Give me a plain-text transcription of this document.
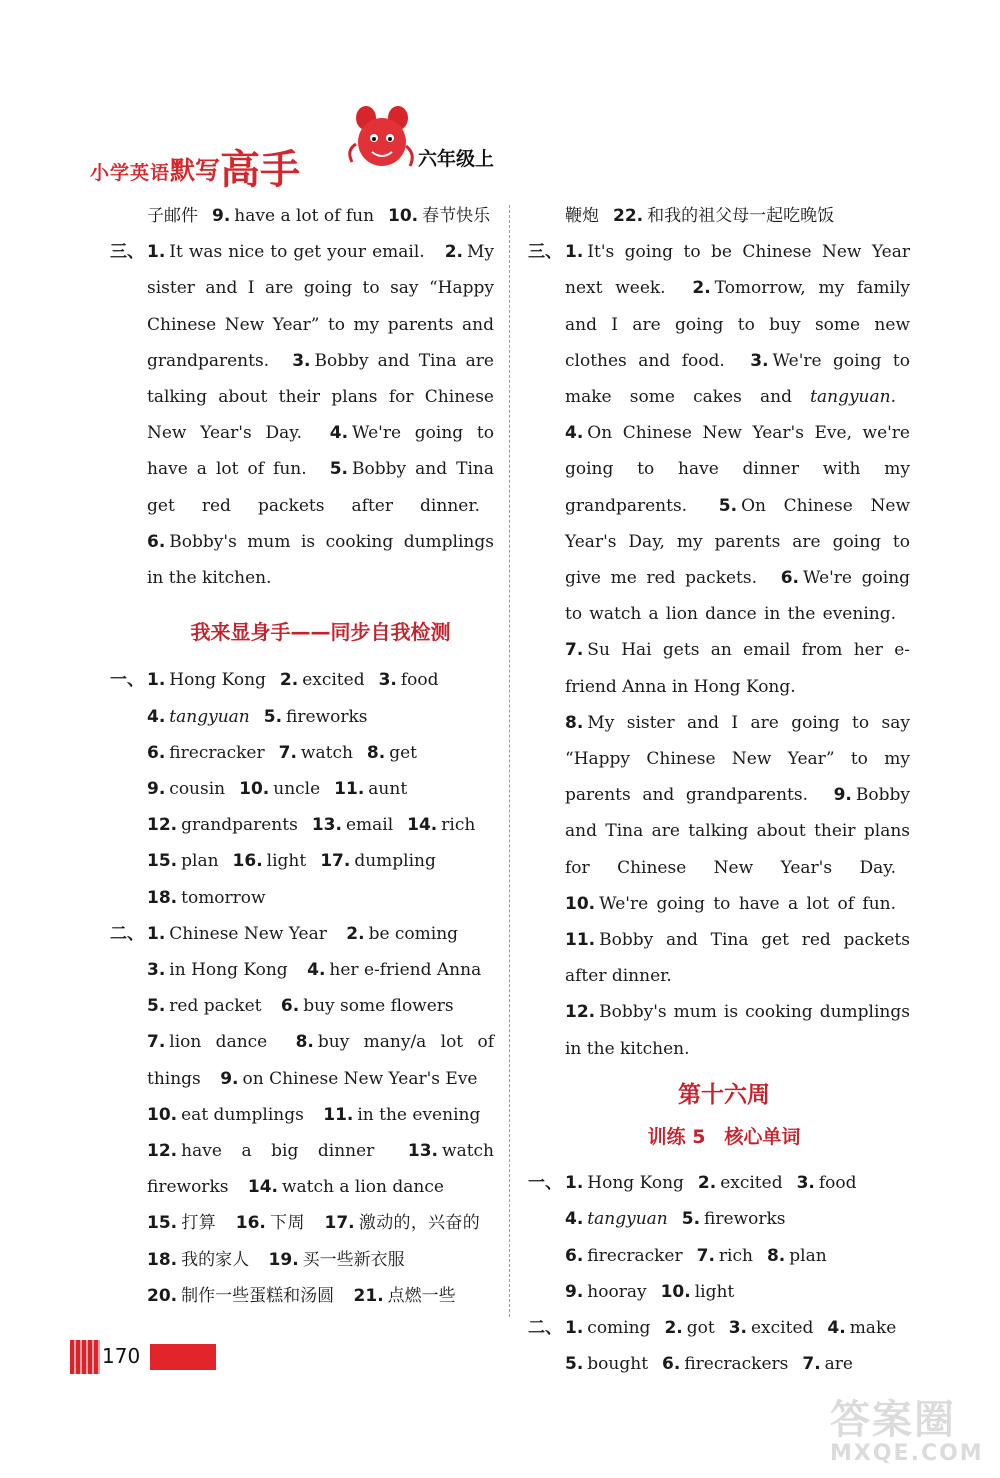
小学英语默写高手	六年级上
子邮件 9. have a lot of fun 10. 春节快乐
三、 1. It was nice to get your email. 2. My sister and I are going to say “Happy Chinese New Year” to my parents and grandparents. 3. Bobby and Tina are talking about their plans for Chinese New Year's Day. 4. We're going to have a lot of fun. 5. Bobby and Tina get red packets after dinner. 6. Bobby's mum is cooking dumplings in the kitchen.
我来显身手——同步自我检测
一、 1. Hong Kong 2. excited 3. food
4. tangyuan 5. fireworks
6. firecracker 7. watch 8. get
9. cousin 10. uncle 11. aunt
12. grandparents 13. email 14. rich
15. plan 16. light 17. dumpling
18. tomorrow
二、 1. Chinese New Year 2. be coming
3. in Hong Kong 4. her e-friend Anna
5. red packet 6. buy some flowers
7. lion dance 8. buy many/a lot of things 9. on Chinese New Year's Eve
10. eat dumplings 11. in the evening
12. have a big dinner 13. watch fireworks 14. watch a lion dance
15. 打算 16. 下周 17. 激动的，兴奋的 18. 我的家人 19. 买一些新衣服
20. 制作一些蛋糕和汤圆 21. 点燃一些
鞭炮 22. 和我的祖父母一起吃晚饭
三、 1. It's going to be Chinese New Year next week. 2. Tomorrow, my family and I are going to buy some new clothes and food. 3. We're going to make some cakes and tangyuan. 4. On Chinese New Year's Eve, we're going to have dinner with my grandparents. 5. On Chinese New Year's Day, my parents are going to give me red packets. 6. We're going to watch a lion dance in the evening. 7. Su Hai gets an email from her e-friend Anna in Hong Kong.
8. My sister and I are going to say “Happy Chinese New Year” to my parents and grandparents. 9. Bobby and Tina are talking about their plans for Chinese New Year's Day. 10. We're going to have a lot of fun. 11. Bobby and Tina get red packets after dinner.
12. Bobby's mum is cooking dumplings in the kitchen.
第十六周
训练 5　核心单词
一、 1. Hong Kong 2. excited 3. food
4. tangyuan 5. fireworks
6. firecracker 7. rich 8. plan
9. hooray 10. light
二、 1. coming 2. got 3. excited 4. make
5. bought 6. firecrackers 7. are
170
答案圈
MXQE.COM
